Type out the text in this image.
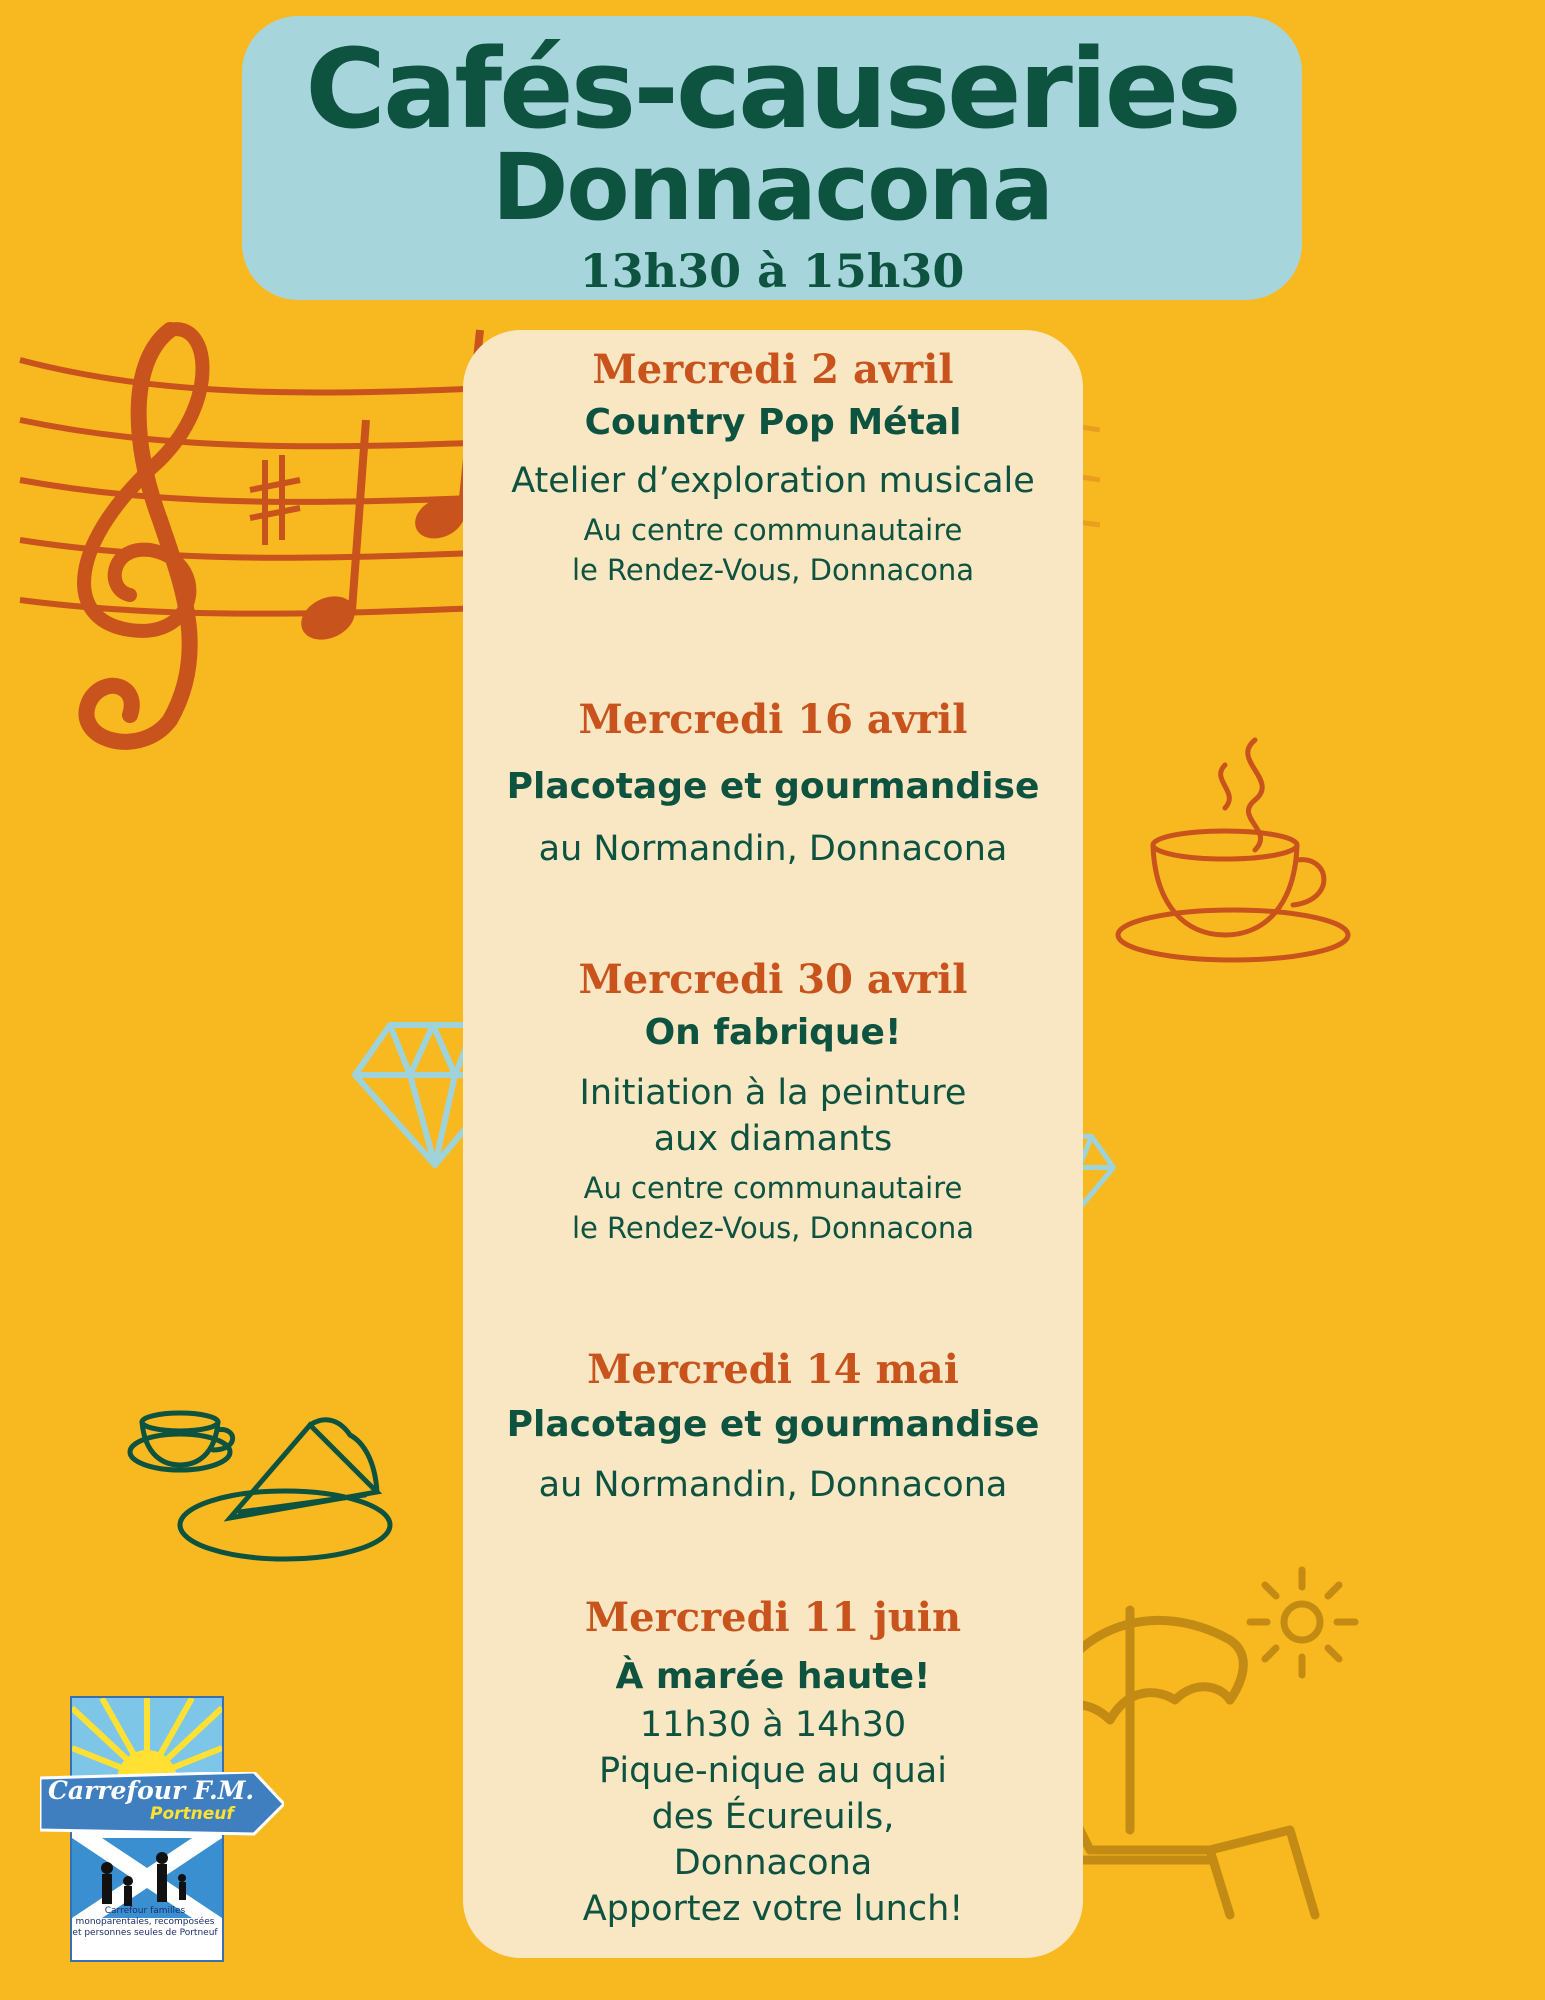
Cafés-causeries
Donnacona
13h30 à 15h30
Mercredi 2 avril
Country Pop Métal
Atelier d’exploration musicale
Au centre communautaire
le Rendez-Vous, Donnacona
Mercredi 16 avril
Placotage et gourmandise
au Normandin, Donnacona
Mercredi 30 avril
On fabrique!
Initiation à la peinture
aux diamants
Au centre communautaire
le Rendez-Vous, Donnacona
Mercredi 14 mai
Placotage et gourmandise
au Normandin, Donnacona
Mercredi 11 juin
À marée haute!
11h30 à 14h30
Pique-nique au quai
des Écureuils,
Donnacona
Apportez votre lunch!
Carrefour F.M.
Portneuf
Carrefour familles monoparentales, recomposées et personnes seules de Portneuf
